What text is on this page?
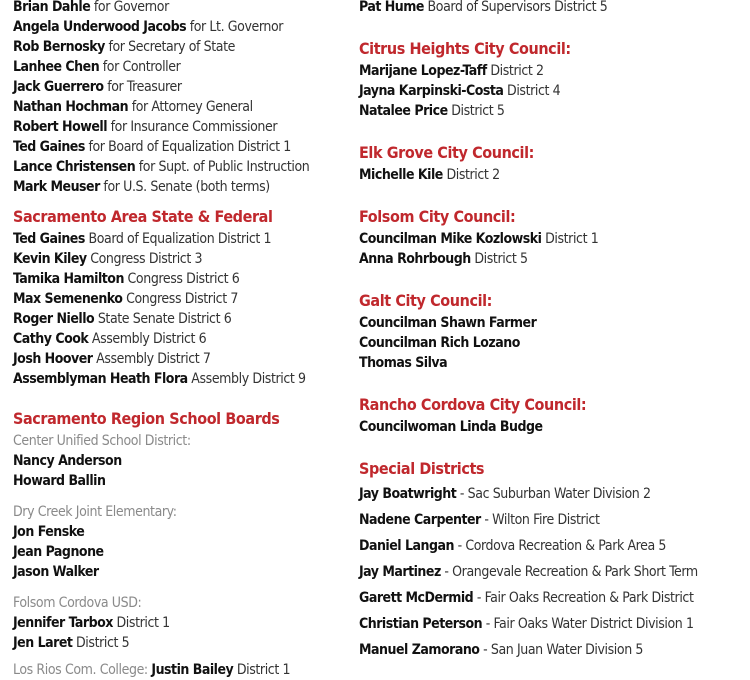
Brian Dahle for Governor
Angela Underwood Jacobs for Lt. Governor
Rob Bernosky for Secretary of State
Lanhee Chen for Controller
Jack Guerrero for Treasurer
Nathan Hochman for Attorney General
Robert Howell for Insurance Commissioner
Ted Gaines for Board of Equalization District 1
Lance Christensen for Supt. of Public Instruction
Mark Meuser for U.S. Senate (both terms)
Sacramento Area State & Federal
Ted Gaines Board of Equalization District 1
Kevin Kiley Congress District 3
Tamika Hamilton Congress District 6
Max Semenenko Congress District 7
Roger Niello State Senate District 6
Cathy Cook Assembly District 6
Josh Hoover Assembly District 7
Assemblyman Heath Flora Assembly District 9
Sacramento Region School Boards
Center Unified School District:
Nancy Anderson
Howard Ballin
Dry Creek Joint Elementary:
Jon Fenske
Jean Pagnone
Jason Walker
Folsom Cordova USD:
Jennifer Tarbox District 1
Jen Laret District 5
Los Rios Com. College: Justin Bailey District 1
Pat Hume Board of Supervisors District 5
Citrus Heights City Council:
Marijane Lopez-Taff District 2
Jayna Karpinski-Costa District 4
Natalee Price District 5
Elk Grove City Council:
Michelle Kile District 2
Folsom City Council:
Councilman Mike Kozlowski District 1
Anna Rohrbough District 5
Galt City Council:
Councilman Shawn Farmer
Councilman Rich Lozano
Thomas Silva
Rancho Cordova City Council:
Councilwoman Linda Budge
Special Districts
Jay Boatwright - Sac Suburban Water Division 2
Nadene Carpenter - Wilton Fire District
Daniel Langan - Cordova Recreation & Park Area 5
Jay Martinez - Orangevale Recreation & Park Short Term
Garett McDermid - Fair Oaks Recreation & Park District
Christian Peterson - Fair Oaks Water District Division 1
Manuel Zamorano - San Juan Water Division 5
